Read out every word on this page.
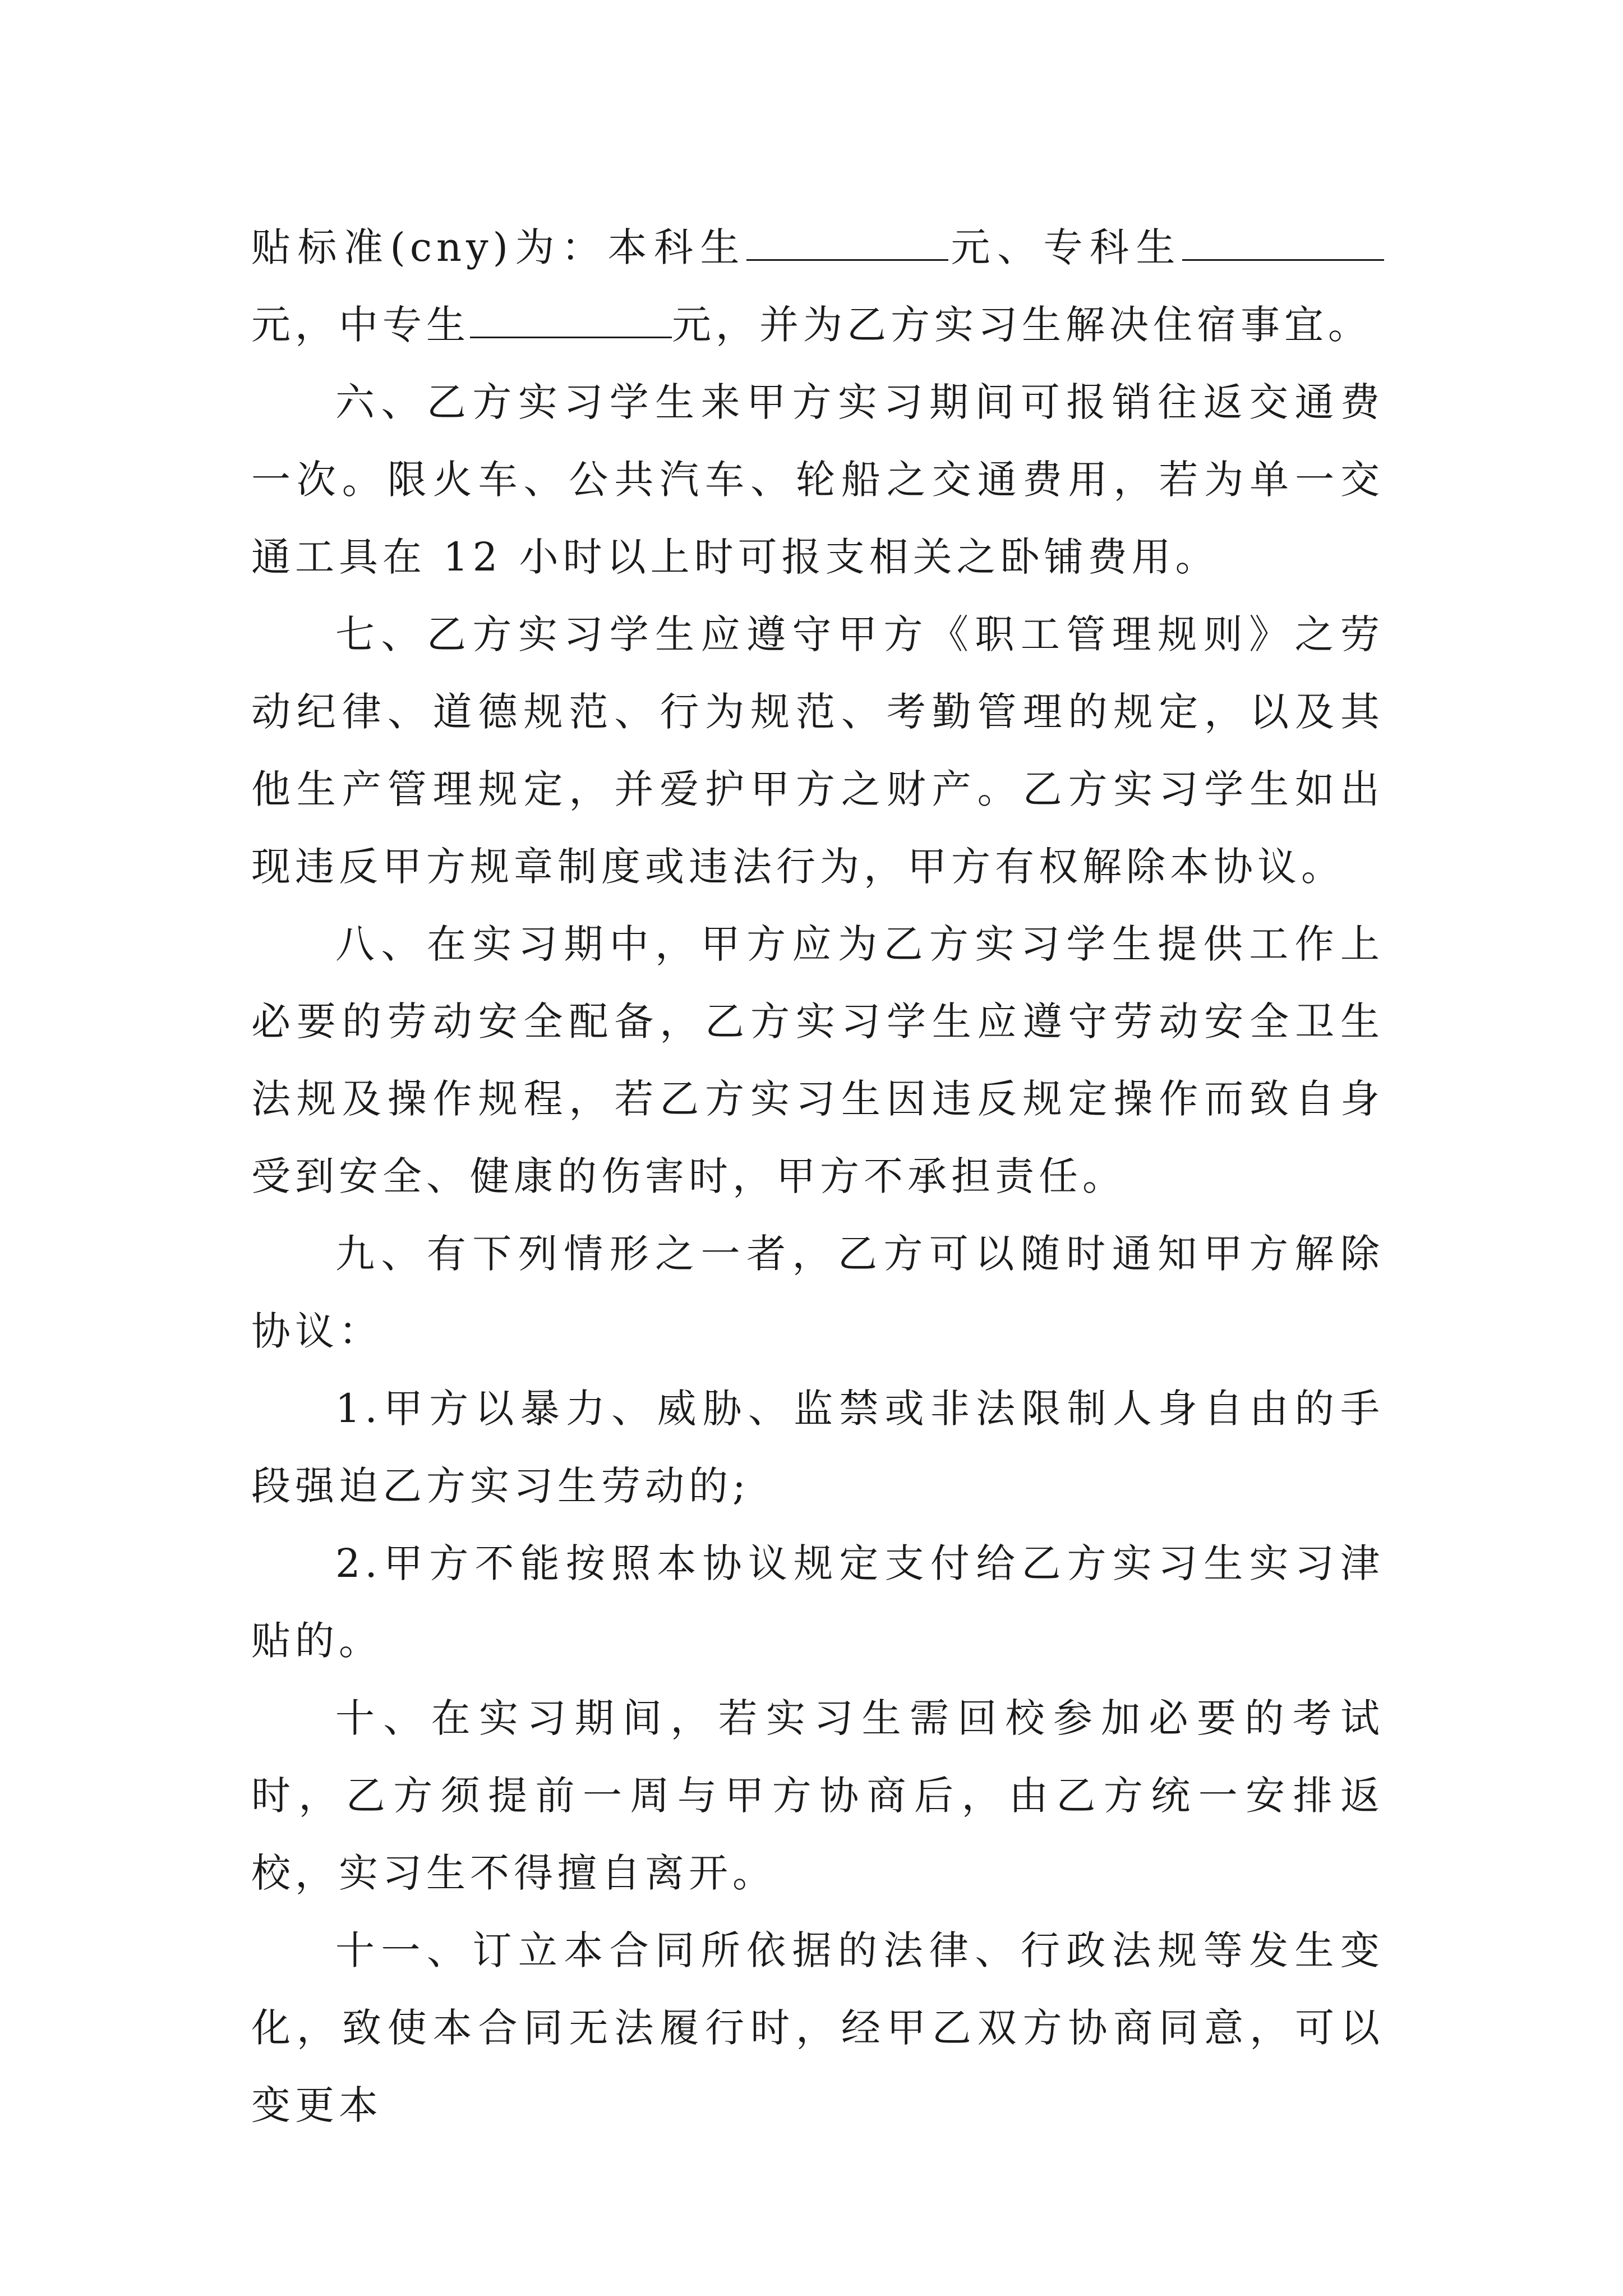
贴标准(cny)为：本科生	元、专科生元，中专生	元，并为乙方实习生解决住宿事宜。

六、乙方实习学生来甲方实习期间可报销往返交通费一次。限火车、公共汽车、轮船之交通费用，若为单一交通工具在 12 小时以上时可报支相关之卧铺费用。

七、乙方实习学生应遵守甲方《职工管理规则》之劳动纪律、道德规范、行为规范、考勤管理的规定，以及其他生产管理规定，并爱护甲方之财产。乙方实习学生如出现违反甲方规章制度或违法行为，甲方有权解除本协议。

八、在实习期中，甲方应为乙方实习学生提供工作上必要的劳动安全配备，乙方实习学生应遵守劳动安全卫生法规及操作规程，若乙方实习生因违反规定操作而致自身受到安全、健康的伤害时，甲方不承担责任。

九、有下列情形之一者，乙方可以随时通知甲方解除协议：

1.甲方以暴力、威胁、监禁或非法限制人身自由的手段强迫乙方实习生劳动的;

2.甲方不能按照本协议规定支付给乙方实习生实习津贴的。

十、在实习期间，若实习生需回校参加必要的考试时，乙方须提前一周与甲方协商后，由乙方统一安排返校，实习生不得擅自离开。

十一、订立本合同所依据的法律、行政法规等发生变化，致使本合同无法履行时，经甲乙双方协商同意，可以变更本
